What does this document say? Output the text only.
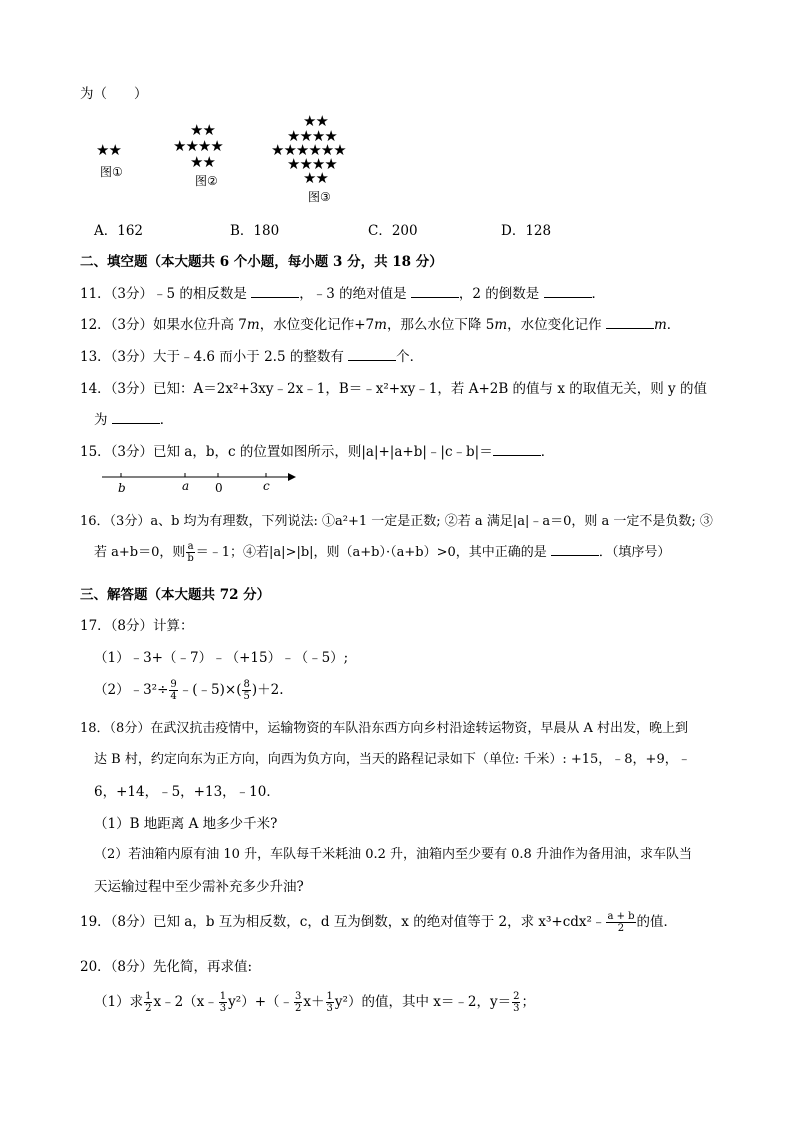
为（　　）
★★
图①
★★
★★★★
★★
图②
★★
★★★★
★★★★★★
★★★★
★★
图③
A．162	B．180	C．200	D．128
二、填空题（本大题共 6 个小题，每小题 3 分，共 18 分）
11．（3分）﹣5 的相反数是	，﹣3 的绝对值是	，2 的倒数是	．
12．（3分）如果水位升高 7m，水位变化记作+7m，那么水位下降 5m，水位变化记作	m．
13．（3分）大于﹣4.6 而小于 2.5 的整数有	个．
14．（3分）已知：A＝2x²+3xy﹣2x﹣1，B＝﹣x²+xy﹣1，若 A+2B 的值与 x 的取值无关，则 y 的值
为	．
15．（3分）已知 a，b，c 的位置如图所示，则|a|+|a+b|﹣|c﹣b|＝	．
b	a 0	c
16．（3分）a、b 均为有理数，下列说法: ①a²+1 一定是正数; ②若 a 满足|a|﹣a＝0，则 a 一定不是负数; ③
若 a+b＝0，则 $\frac{a}{b}$ ＝﹣1；④若|a|>|b|，则（a+b）·（a+b）>0，其中正确的是	．（填序号）
三、解答题（本大题共 72 分）
17．（8分）计算：
（1）﹣3+（﹣7）﹣（+15）﹣（﹣5）;
（2）﹣3²÷ $\frac{9}{4}$ ﹣(﹣5)×( $\frac{8}{5} )+2$.
18．（8分）在武汉抗击疫情中，运输物资的车队沿东西方向乡村沿途转运物资，早晨从 A 村出发，晚上到
达 B 村，约定向东为正方向，向西为负方向，当天的路程记录如下（单位: 千米）: +15，﹣8，+9，﹣
6，+14，﹣5，+13，﹣10．
（1）B 地距离 A 地多少千米?
（2）若油箱内原有油 10 升，车队每千米耗油 0.2 升，油箱内至少要有 0.8 升油作为备用油，求车队当
天运输过程中至少需补充多少升油?
19．（8分）已知 a，b 互为相反数，c，d 互为倒数，x 的绝对值等于 2，求 x³+cdx²﹣ $\frac{a + b}{2}$ 的值．
20．（8分）先化简，再求值:
（1）求 $\frac{1}{2}$ x﹣2（x﹣ $\frac{1}{3}$ y²）+（﹣ $\frac{3}{2} x+ \frac{1}{3} y^2$）的值，其中 x＝﹣2，$y= \frac{2}{3}$ ；
